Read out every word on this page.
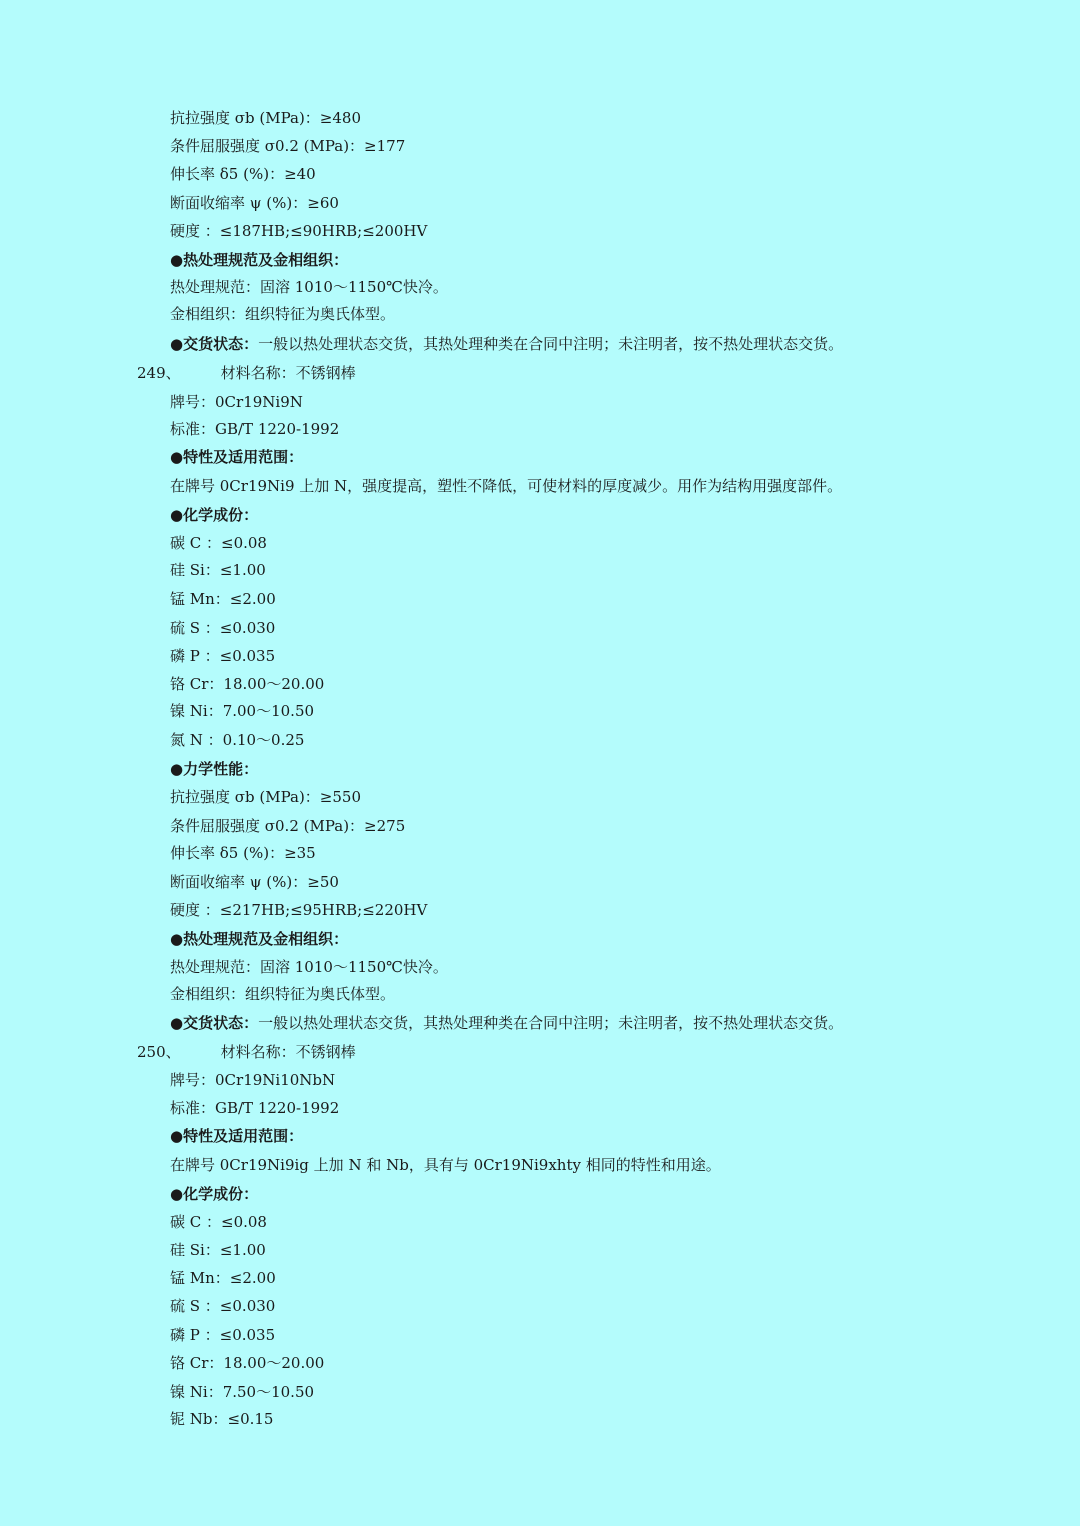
抗拉强度 σb (MPa)：≥480
条件屈服强度 σ0.2 (MPa)：≥177
伸长率 δ5 (%)：≥40
断面收缩率 ψ (%)：≥60
硬度 ：≤187HB;≤90HRB;≤200HV
●热处理规范及金相组织：
热处理规范：固溶 1010～1150℃快冷。
金相组织：组织特征为奥氏体型。
●交货状态：一般以热处理状态交货，其热处理种类在合同中注明；未注明者，按不热处理状态交货。
249、	材料名称：不锈钢棒
牌号：0Cr19Ni9N
标准：GB/T 1220-1992
●特性及适用范围：
在牌号 0Cr19Ni9 上加 N，强度提高，塑性不降低，可使材料的厚度减少。用作为结构用强度部件。
●化学成份：
碳 C ：≤0.08
硅 Si：≤1.00
锰 Mn：≤2.00
硫 S ：≤0.030
磷 P ：≤0.035
铬 Cr：18.00～20.00
镍 Ni：7.00～10.50
氮 N ：0.10～0.25
●力学性能：
抗拉强度 σb (MPa)：≥550
条件屈服强度 σ0.2 (MPa)：≥275
伸长率 δ5 (%)：≥35
断面收缩率 ψ (%)：≥50
硬度 ：≤217HB;≤95HRB;≤220HV
●热处理规范及金相组织：
热处理规范：固溶 1010～1150℃快冷。
金相组织：组织特征为奥氏体型。
●交货状态：一般以热处理状态交货，其热处理种类在合同中注明；未注明者，按不热处理状态交货。
250、	材料名称：不锈钢棒
牌号：0Cr19Ni10NbN
标准：GB/T 1220-1992
●特性及适用范围：
在牌号 0Cr19Ni9ig 上加 N 和 Nb，具有与 0Cr19Ni9xhty 相同的特性和用途。
●化学成份：
碳 C ：≤0.08
硅 Si：≤1.00
锰 Mn：≤2.00
硫 S ：≤0.030
磷 P ：≤0.035
铬 Cr：18.00～20.00
镍 Ni：7.50～10.50
铌 Nb：≤0.15
